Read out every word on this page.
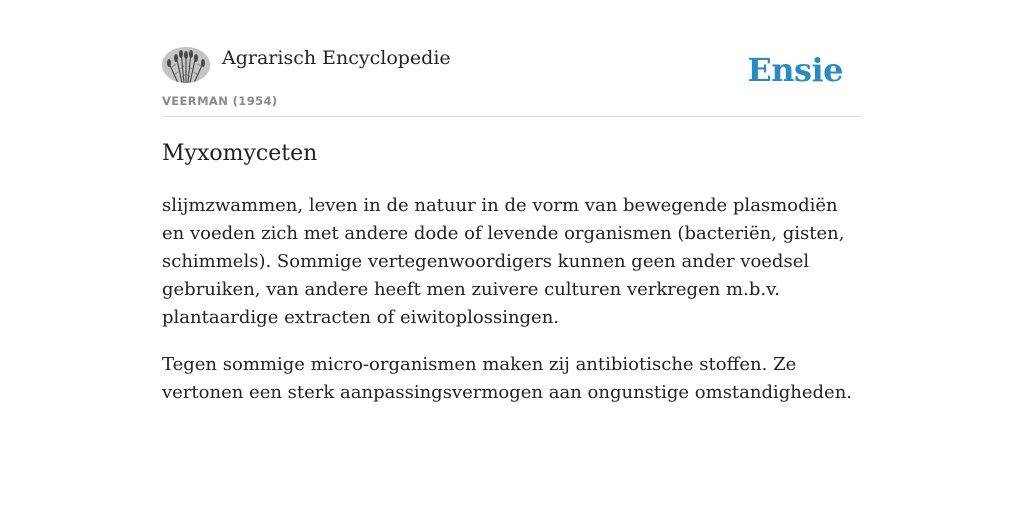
Agrarisch Encyclopedie
VEERMAN (1954)
Ensie
Myxomyceten

slijmzwammen, leven in de natuur in de vorm van bewegende plasmodiën en voeden zich met andere dode of levende organismen (bacteriën, gisten, schimmels). Sommige vertegenwoordigers kunnen geen ander voedsel gebruiken, van andere heeft men zuivere culturen verkregen m.b.v. plantaardige extracten of eiwitoplossingen.

Tegen sommige micro-organismen maken zij antibiotische stoffen. Ze vertonen een sterk aanpassingsvermogen aan ongunstige omstandigheden.
